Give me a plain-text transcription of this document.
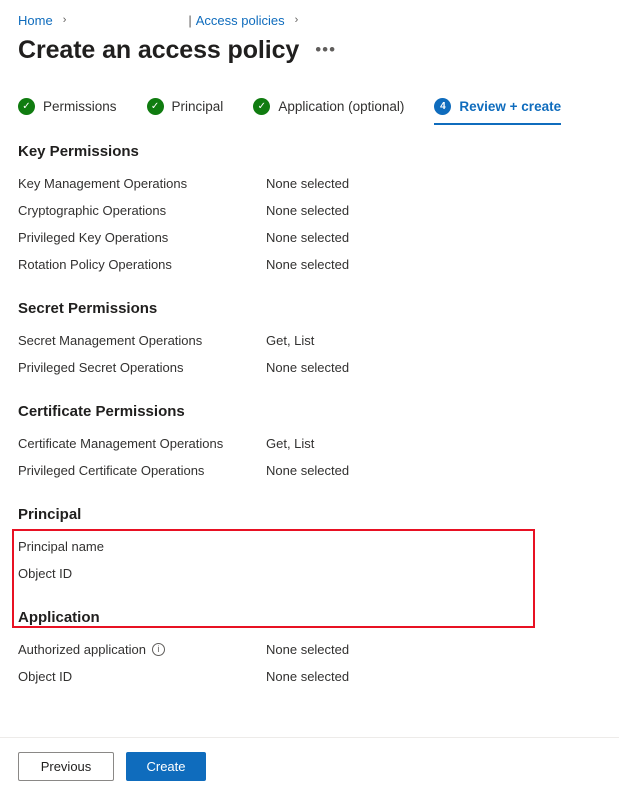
Home ›	| Access policies ›
Create an access policy •••
✓ Permissions	✓ Principal	✓ Application (optional)	4	Review + create
Key Permissions
Key Management Operations	None selected
Cryptographic Operations	None selected
Privileged Key Operations	None selected
Rotation Policy Operations	None selected
Secret Permissions
Secret Management Operations	Get, List
Privileged Secret Operations	None selected
Certificate Permissions
Certificate Management Operations	Get, List
Privileged Certificate Operations	None selected
Principal
Principal name
Object ID
Application
Authorized application	i	None selected
Object ID	None selected
Previous	Create
